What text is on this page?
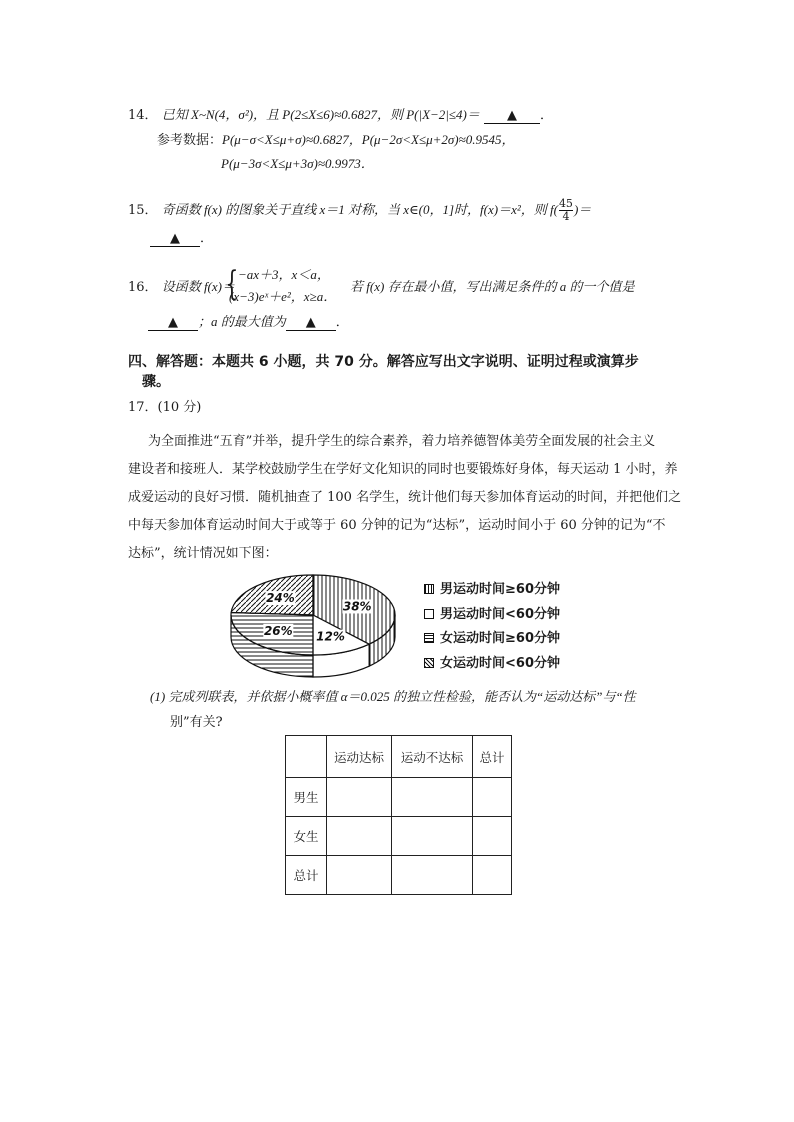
14． 已知 X~N(4，σ²)，且 P(2≤X≤6)≈0.6827，则 P(|X−2|≤4)＝ ▲ ．
参考数据：P(μ−σ<X≤μ+σ)≈0.6827，P(μ−2σ<X≤μ+2σ)≈0.9545，
P(μ−3σ<X≤μ+3σ)≈0.9973．
15． 奇函数 f(x) 的图象关于直线 x＝1 对称，当 x∈(0，1]时，f(x)＝x²，则 $f( \frac{45}{4}$ )＝
▲ ．
16． 设函数 f(x)＝
{ −ax＋3，x＜a，
(x−3)eˣ＋e²，x≥a．
若 f(x) 存在最小值，写出满足条件的 a 的一个值是
▲ ；a 的最大值为 ▲ ．
四、解答题：本题共 6 小题，共 70 分。解答应写出文字说明、证明过程或演算步
骤。
17．(10 分)
为全面推进“五育”并举，提升学生的综合素养，着力培养德智体美劳全面发展的社会主义
建设者和接班人．某学校鼓励学生在学好文化知识的同时也要锻炼好身体，每天运动 1 小时，养
成爱运动的良好习惯．随机抽查了 100 名学生，统计他们每天参加体育运动的时间，并把他们之
中每天参加体育运动时间大于或等于 60 分钟的记为“达标”，运动时间小于 60 分钟的记为“不
达标”，统计情况如下图：
38%
12%
26%
24%
男运动时间≥60分钟
男运动时间<60分钟
女运动时间≥60分钟
女运动时间<60分钟
(1) 完成列联表，并依据小概率值 α＝0.025 的独立性检验，能否认为“运动达标”与“性
别”有关?
	运动达标	运动不达标	总计
男生			
女生			
总计			
